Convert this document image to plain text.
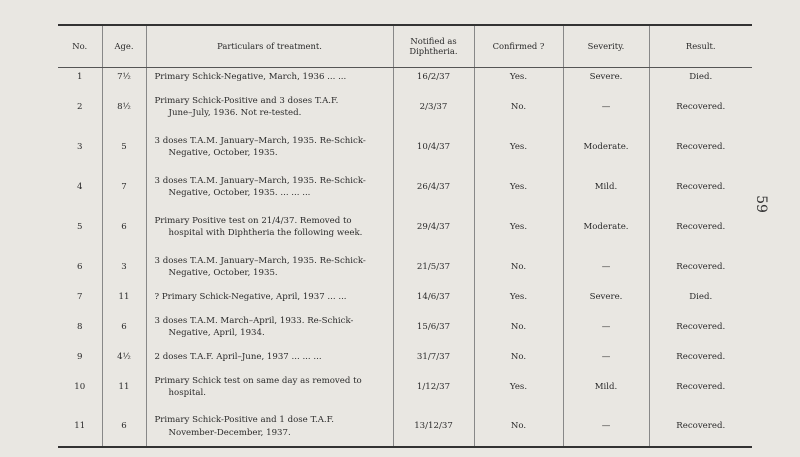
59
No.	Age.	Particulars of treatment.	Notified as Diphtheria.	Confirmed ?	Severity.	Result.
1	7½	Primary Schick-Negative, March, 1936 ... ...	16/2/37	Yes.	Severe.	Died.
2	8½	Primary Schick-Positive and 3 doses T.A.F.
June–July, 1936. Not re-tested.	2/3/37	No.	—	Recovered.
3	5	3 doses T.A.M. January–March, 1935. Re-Schick-
Negative, October, 1935.	10/4/37	Yes.	Moderate.	Recovered.
4	7	3 doses T.A.M. January–March, 1935. Re-Schick-
Negative, October, 1935. ... ... ...	26/4/37	Yes.	Mild.	Recovered.
5	6	Primary Positive test on 21/4/37. Removed to
hospital with Diphtheria the following week.	29/4/37	Yes.	Moderate.	Recovered.
6	3	3 doses T.A.M. January–March, 1935. Re-Schick-
Negative, October, 1935.	21/5/37	No.	—	Recovered.
7	11	? Primary Schick-Negative, April, 1937 ... ...	14/6/37	Yes.	Severe.	Died.
8	6	3 doses T.A.M. March–April, 1933. Re-Schick-
Negative, April, 1934.	15/6/37	No.	—	Recovered.
9	4½	2 doses T.A.F. April–June, 1937 ... ... ...	31/7/37	No.	—	Recovered.
10	11	Primary Schick test on same day as removed to
hospital.	1/12/37	Yes.	Mild.	Recovered.
11	6	Primary Schick-Positive and 1 dose T.A.F.
November-December, 1937.	13/12/37	No.	—	Recovered.
